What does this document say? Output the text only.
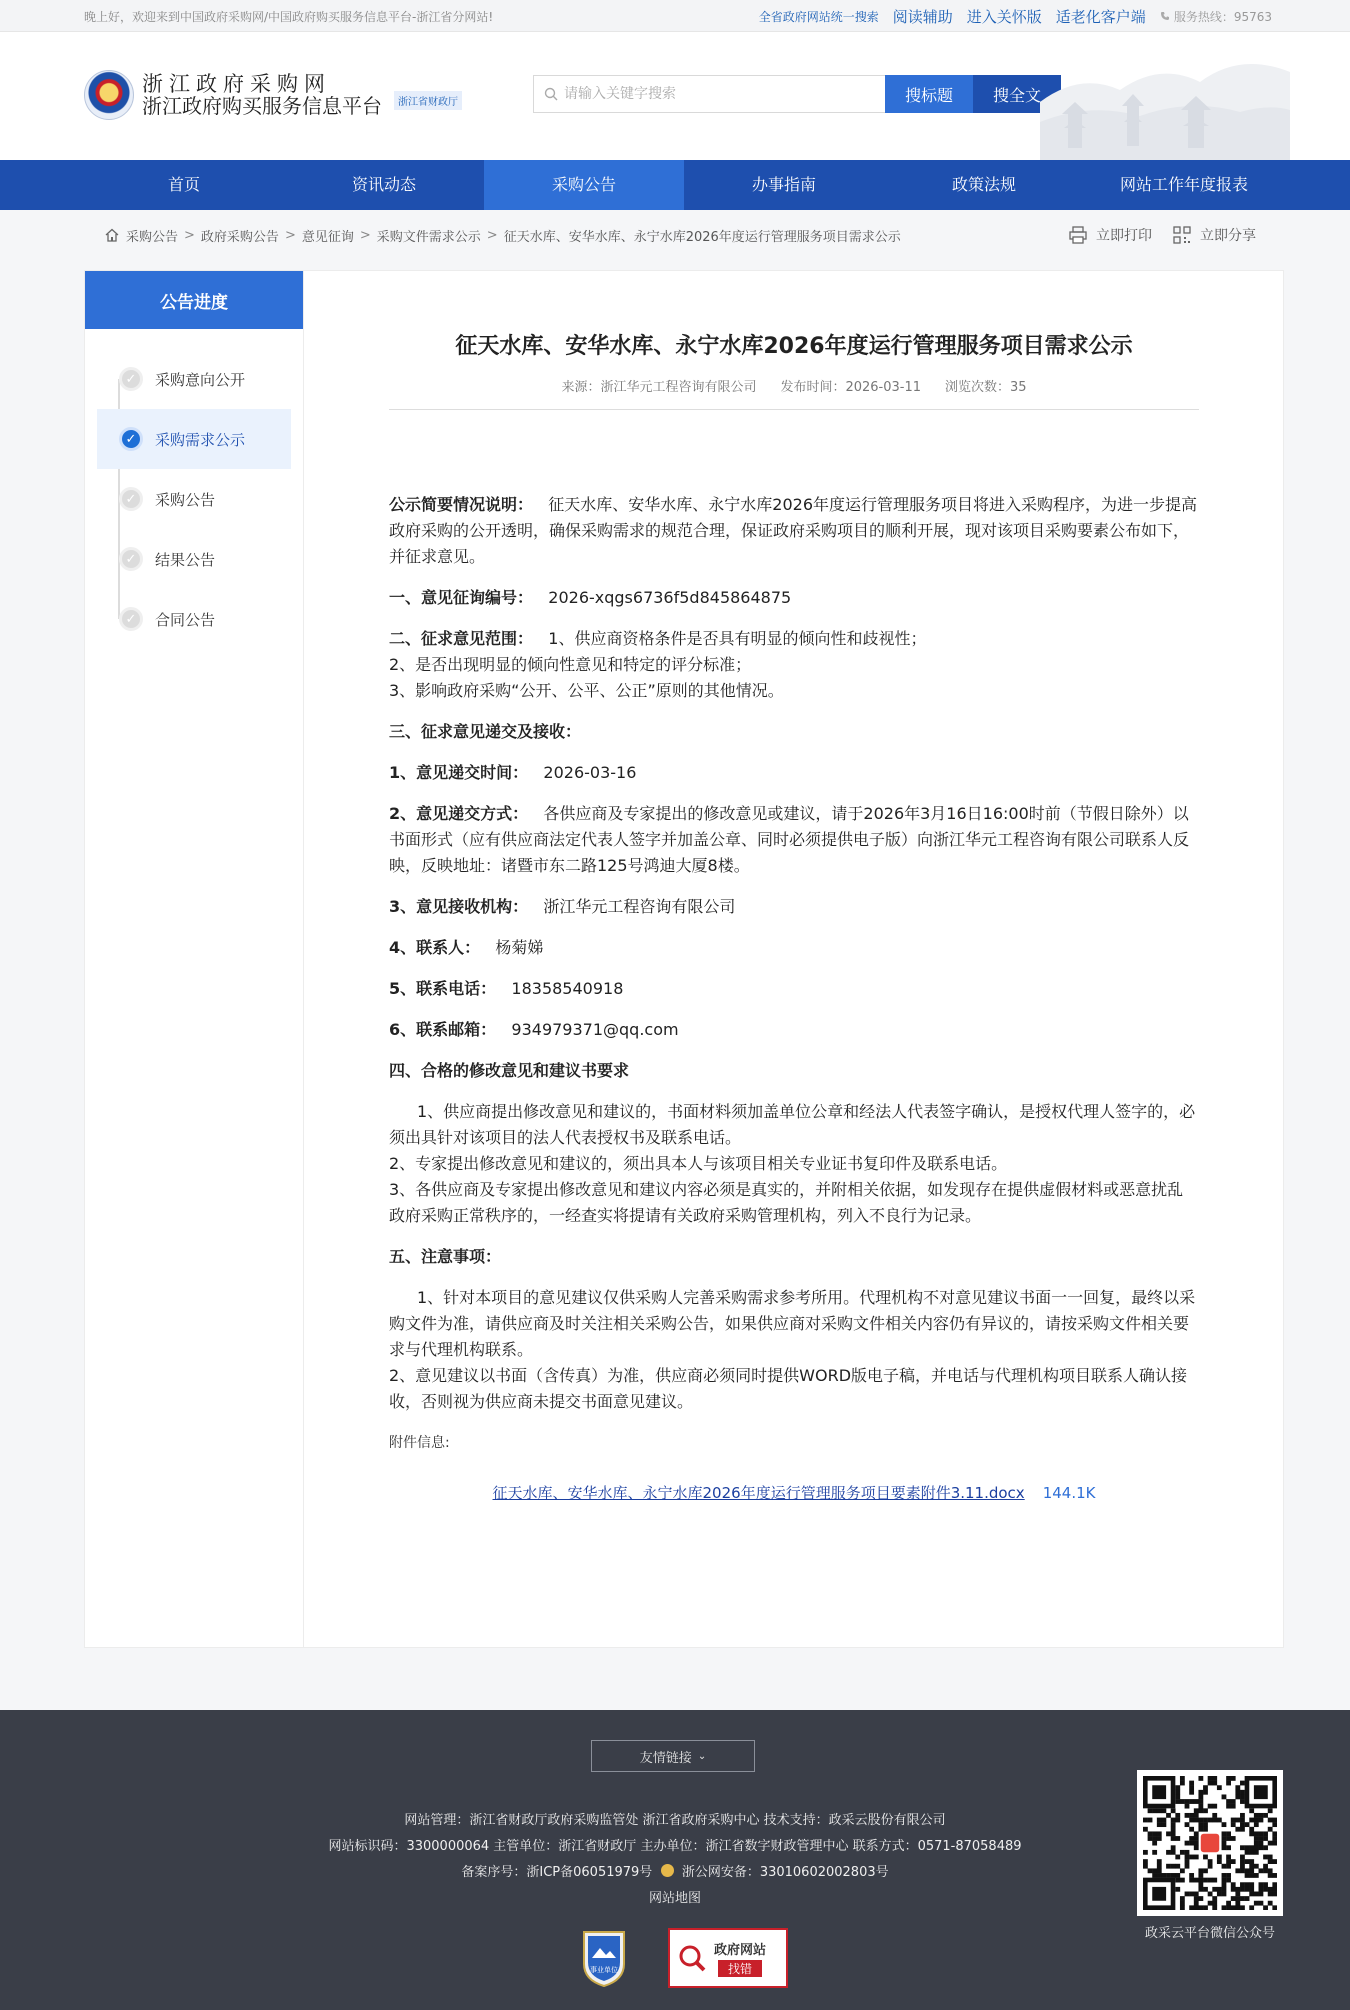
晚上好，欢迎来到中国政府采购网/中国政府购买服务信息平台-浙江省分网站!	全省政府网站统一搜索 阅读辅助 进入关怀版 适老化客户端 服务热线：95763
浙江政府采购网
浙江政府购买服务信息平台	浙江省财政厅
请输入关键字搜索	搜标题	搜全文
首页	资讯动态	采购公告	办事指南	政策法规	网站工作年度报表
采购公告 > 政府采购公告 > 意见征询 > 采购文件需求公示 > 征天水库、安华水库、永宁水库2026年度运行管理服务项目需求公示	立即打印	立即分享
公告进度
✓	采购意向公开
✓	采购需求公示
✓	采购公告
✓	结果公告
✓	合同公告
征天水库、安华水库、永宁水库2026年度运行管理服务项目需求公示
来源：浙江华元工程咨询有限公司 发布时间：2026-03-11 浏览次数：35

公示简要情况说明： 征天水库、安华水库、永宁水库2026年度运行管理服务项目将进入采购程序，为进一步提高政府采购的公开透明，确保采购需求的规范合理，保证政府采购项目的顺利开展，现对该项目采购要素公布如下，并征求意见。

一、意见征询编号： 2026-xqgs6736f5d845864875

二、征求意见范围： 1、供应商资格条件是否具有明显的倾向性和歧视性；
2、是否出现明显的倾向性意见和特定的评分标准；
3、影响政府采购“公开、公平、公正”原则的其他情况。

三、征求意见递交及接收：

1、意见递交时间： 2026-03-16

2、意见递交方式： 各供应商及专家提出的修改意见或建议，请于2026年3月16日16:00时前（节假日除外）以书面形式（应有供应商法定代表人签字并加盖公章、同时必须提供电子版）向浙江华元工程咨询有限公司联系人反映，反映地址：诸暨市东二路125号鸿迪大厦8楼。

3、意见接收机构： 浙江华元工程咨询有限公司

4、联系人： 杨菊娣

5、联系电话： 18358540918

6、联系邮箱： 934979371@qq.com

四、合格的修改意见和建议书要求

1、供应商提出修改意见和建议的，书面材料须加盖单位公章和经法人代表签字确认，是授权代理人签字的，必须出具针对该项目的法人代表授权书及联系电话。
2、专家提出修改意见和建议的，须出具本人与该项目相关专业证书复印件及联系电话。
3、各供应商及专家提出修改意见和建议内容必须是真实的，并附相关依据，如发现存在提供虚假材料或恶意扰乱政府采购正常秩序的，一经查实将提请有关政府采购管理机构，列入不良行为记录。

五、注意事项：

1、针对本项目的意见建议仅供采购人完善采购需求参考所用。代理机构不对意见建议书面一一回复，最终以采购文件为准，请供应商及时关注相关采购公告，如果供应商对采购文件相关内容仍有异议的，请按采购文件相关要求与代理机构联系。
2、意见建议以书面（含传真）为准，供应商必须同时提供WORD版电子稿，并电话与代理机构项目联系人确认接收，否则视为供应商未提交书面意见建议。

附件信息:

征天水库、安华水库、永宁水库2026年度运行管理服务项目要素附件3.11.docx 144.1K

友情链接 ⌄
网站管理：浙江省财政厅政府采购监管处 浙江省政府采购中心 技术支持：政采云股份有限公司
网站标识码：3300000064 主管单位：浙江省财政厅 主办单位：浙江省数字财政管理中心 联系方式：0571-87058489
备案序号：浙ICP备06051979号 浙公网安备：33010602002803号
网站地图
事业单位
政府网站
找错
政采云平台微信公众号
